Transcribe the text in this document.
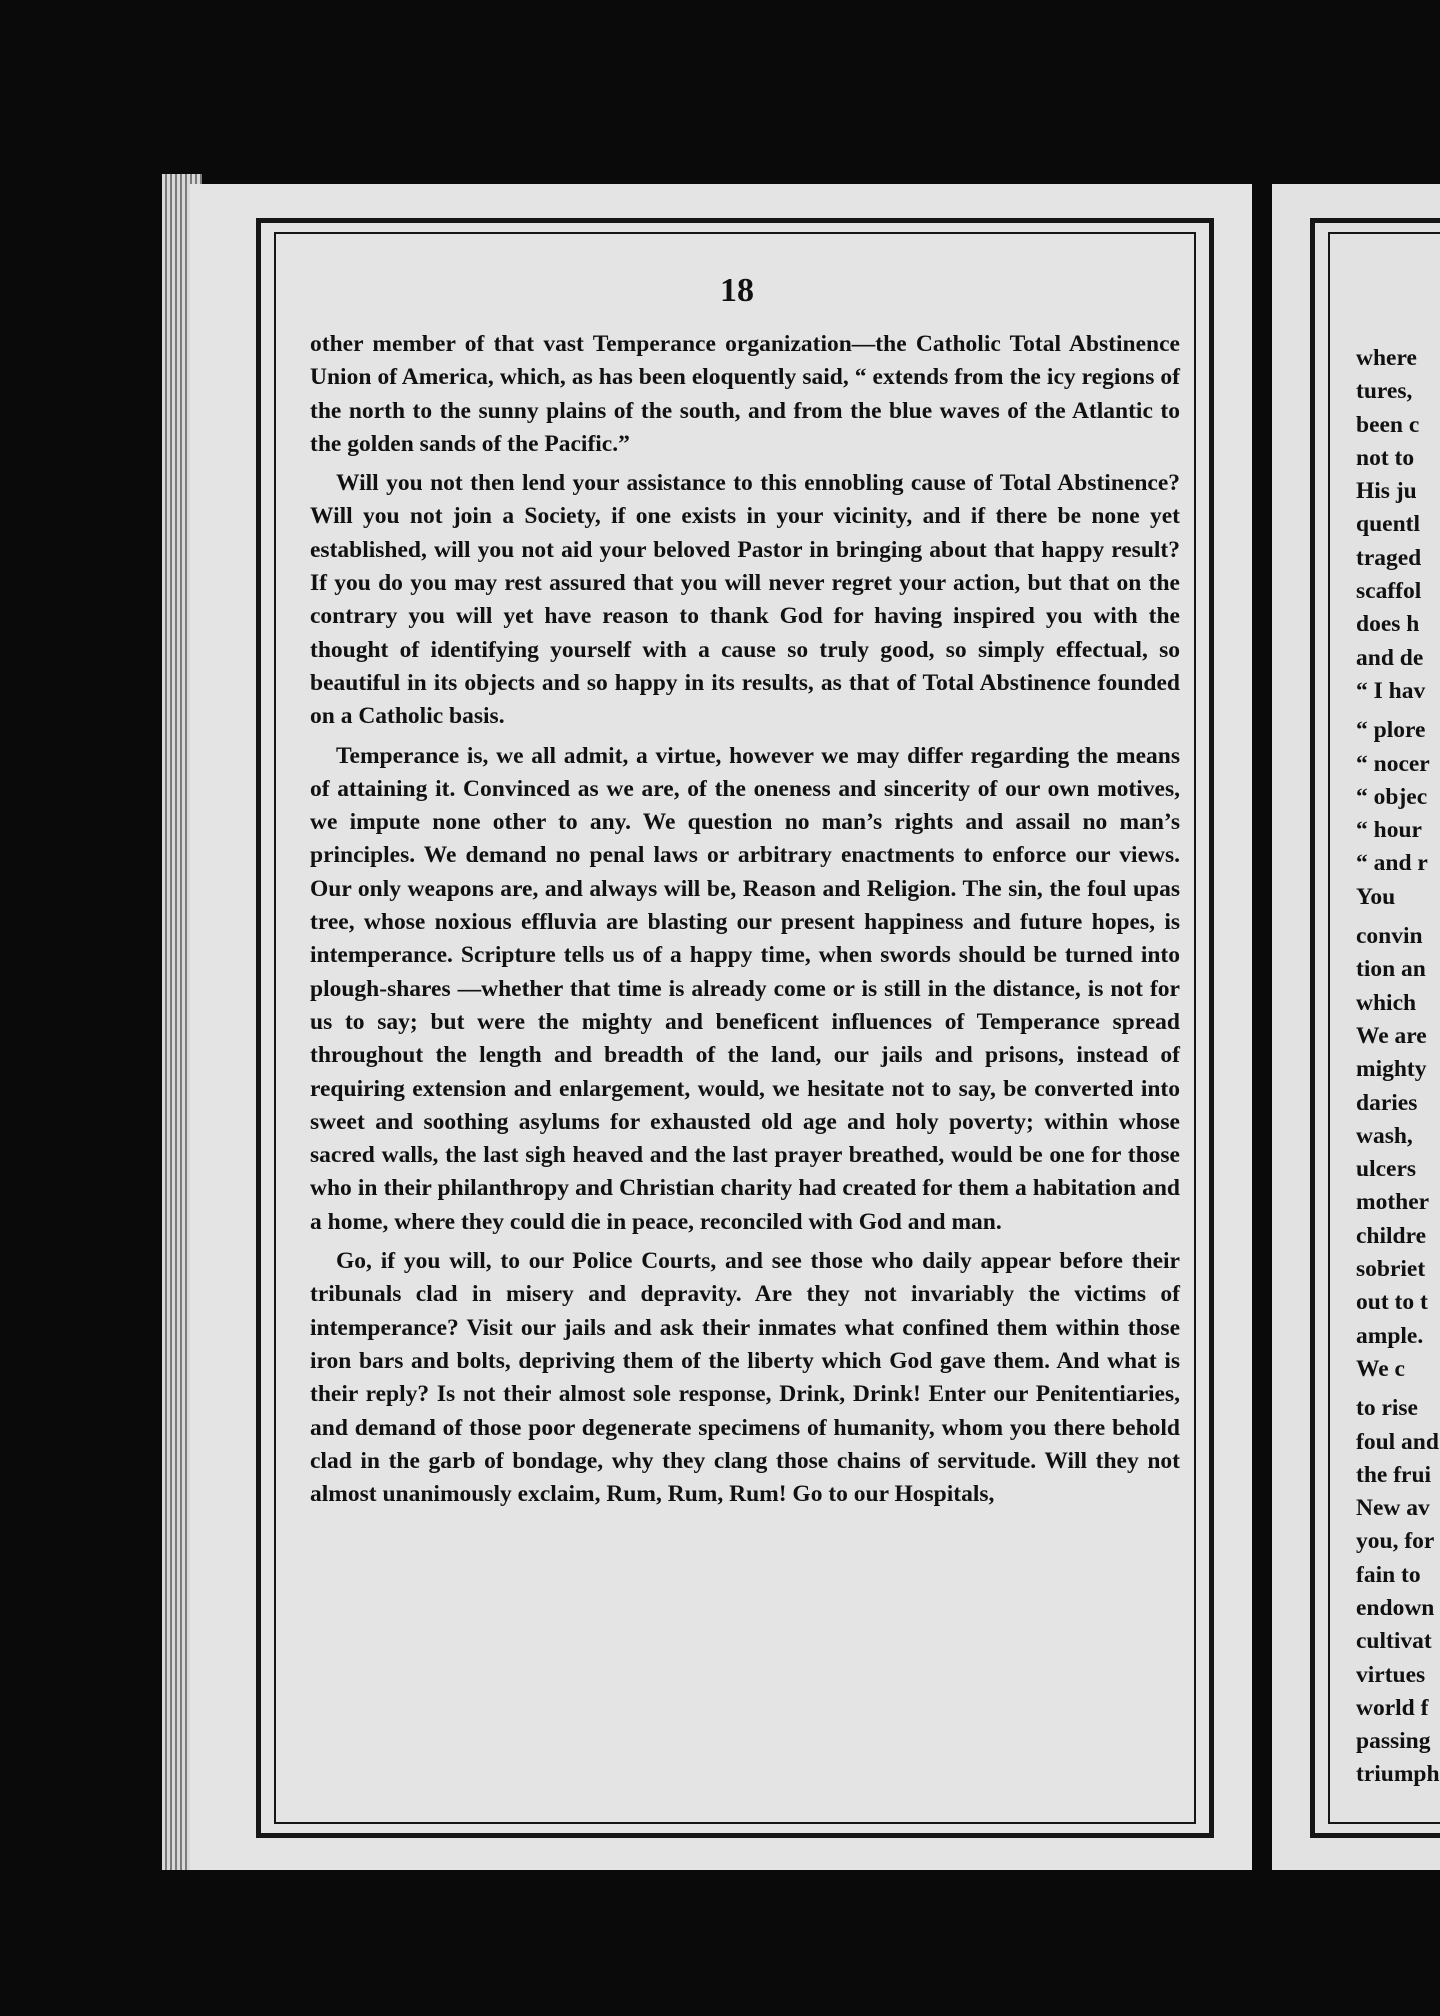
18

other member of that vast Temperance organization—the Catholic Total Abstinence Union of America, which, as has been eloquently said, “ extends from the icy regions of the north to the sunny plains of the south, and from the blue waves of the Atlantic to the golden sands of the Pacific.”

Will you not then lend your assistance to this ennobling cause of Total Abstinence? Will you not join a Society, if one exists in your vicinity, and if there be none yet established, will you not aid your beloved Pastor in bringing about that happy result? If you do you may rest assured that you will never regret your action, but that on the contrary you will yet have reason to thank God for having inspired you with the thought of identifying yourself with a cause so truly good, so simply effectual, so beautiful in its objects and so happy in its results, as that of Total Abstinence founded on a Catholic basis.

Temperance is, we all admit, a virtue, however we may differ regarding the means of attaining it. Convinced as we are, of the oneness and sincerity of our own motives, we impute none other to any. We question no man’s rights and assail no man’s principles. We demand no penal laws or arbitrary enactments to enforce our views. Our only weapons are, and always will be, Reason and Religion. The sin, the foul upas tree, whose noxious effluvia are blasting our present happiness and future hopes, is intemperance. Scripture tells us of a happy time, when swords should be turned into plough-shares —whether that time is already come or is still in the distance, is not for us to say; but were the mighty and beneficent influences of Temperance spread throughout the length and breadth of the land, our jails and prisons, instead of requiring extension and enlargement, would, we hesitate not to say, be converted into sweet and soothing asylums for exhausted old age and holy poverty; within whose sacred walls, the last sigh heaved and the last prayer breathed, would be one for those who in their philanthropy and Christian charity had created for them a habitation and a home, where they could die in peace, reconciled with God and man.

Go, if you will, to our Police Courts, and see those who daily appear before their tribunals clad in misery and depravity. Are they not invariably the victims of intemperance? Visit our jails and ask their inmates what confined them within those iron bars and bolts, depriving them of the liberty which God gave them. And what is their reply? Is not their almost sole response, Drink, Drink! Enter our Penitentiaries, and demand of those poor degenerate specimens of humanity, whom you there behold clad in the garb of bondage, why they clang those chains of servitude. Will they not almost unanimously exclaim, Rum, Rum, Rum! Go to our Hospitals,

where
tures,
been c
not to
His ju
quentl
traged
scaffol
does h
and de
“ I hav
“ plore
“ nocer
“ objec
“ hour
“ and r
You
convin
tion an
which
We are
mighty
daries
wash,
ulcers
mother
childre
sobriet
out to t
ample.
We c
to rise
foul and
the frui
New av
you, for
fain to
endown
cultivat
virtues
world f
passing
triumph
